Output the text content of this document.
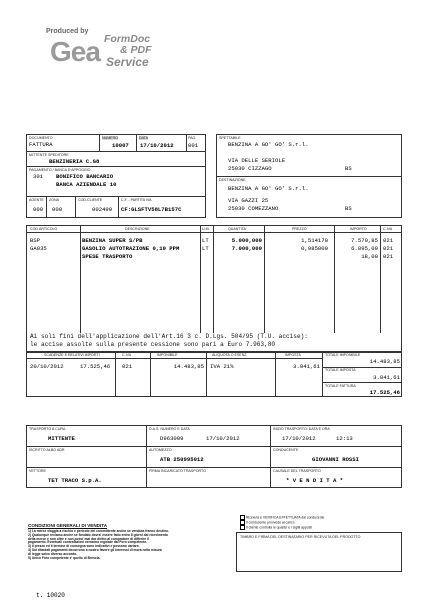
Produced by
Gea FormDoc
& PDF
Service
DOCUMENTO
FATTURA
NUMERO
10007
DATA
17/10/2012
PAG.
001
MITTENTE SPEDITORE
BENZINERIA C.G8
PAGAMENTO / BANCA D'APPOGGIO
301 BONIFICO BANCARIO
BANCA AZIENDALE 10
AGENTE
000
ZONA
000
COD.CLIENTE
002499
C.F. - PARTITA IVA
CF:GLSFTV58L7B157C
SPETTABILE
BENZINA A GO' GO' S.r.l.
VIA DELLE SERIOLE
25030 CIZZAGO	BS
DESTINAZIONE
BENZINA A GO' GO' S.r.l.
VIA GAZZI 25
25030 COMEZZANO	BS
COD.ARTICOLO	DESCRIZIONE	U.M.	QUANTITA'	PREZZO	IMPORTO	C.IVA
BSP	BENZINA SUPER S/PB	LT	5.000,000	1,514170	7.570,85 021
GA035	GASOLIO AUTOTRAZIONE 0,10 PPM	LT	7.000,000	0,985000	6.895,00 021
SPESE TRASPORTO	18,00 021
Ai soli fini dell'applicazione dell'Art.16 3 c. D.Lgs. 504/95 (T.U. accise):
le accise assolte sulla presente cessione sono pari a Euro 7.963,80
SCADENZE E RELATIVI IMPORTI
20/10/2012	17.525,46
C.IVA
021
IMPONIBILE
14.483,85
ALIQUOTA O ESENZ.
IVA 21%
IMPOSTA
3.041,61
TOTALE IMPONIBILE
14.483,85
TOTALE IMPOSTA
3.041,61
TOTALE FATTURA
17.525,46
TRASPORTO A CURA
MITTENTE
D.A.S. NUMERO E DATA
D963009	17/10/2012
INIZIO TRASPORTO: DATA E ORA
17/10/2012	12:13
ISCRITTO ALBO ADR	AUTOMEZZO
ATB 250995012
CONDUCENTE
GIOVANNI ROSSI
VETTORE
TET TRACO S.p.A.
FIRMA INCARICATO TRASPORTO	CAUSALE DEL TRASPORTO
* V E N D I T A *
CONDIZIONI GENERALI DI VENDITA
1) La merce viaggia a rischio e pericolo del committente anche se venduta franco destino.
2) Qualunque reclamo anche se fondato dovra' essere fatto entro 8 giorni dal ricevimento
della merce e non oltre e non potra' mai dar diritto al compratore di differire il
pagamento. Eventuali contestazioni verranno regolate dal Foro competente.
3) Il prezzo ed il termine di consegna sono indicativi e possono variare.
4) Sui ritardati pagamenti decorrono a nostro favore gli interessi di mora nella misura
di legge salvo diverso accordo.
5) Unico Foro competente e' quello di Brescia.
Ricevuta e VERIFICA EFFETTUATA dal conducente
Il conducente provvede al carico
Il cliente controlla le qualita' e i sigilli apposti
TIMBRO E FIRMA DEL DESTINATARIO PER RICEVUTA DEL PRODOTTO
t. 10020
